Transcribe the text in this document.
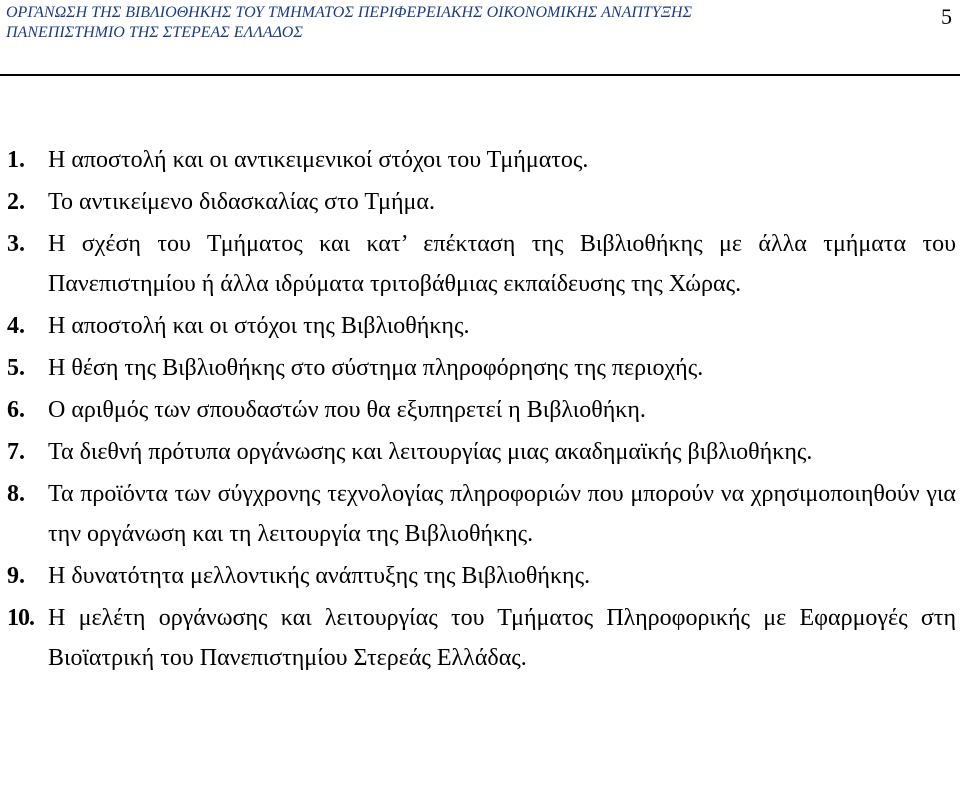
ΟΡΓΑΝΩΣΗ ΤΗΣ ΒΙΒΛΙΟΘΗΚΗΣ ΤΟΥ ΤΜΗΜΑΤΟΣ ΠΕΡΙΦΕΡΕΙΑΚΗΣ ΟΙΚΟΝΟΜΙΚΗΣ ΑΝΑΠΤΥΞΗΣ
ΠΑΝΕΠΙΣΤΗΜΙΟ ΤΗΣ ΣΤΕΡΕΑΣ ΕΛΛΑΔΟΣ
5
1. Η αποστολή και οι αντικειμενικοί στόχοι του Τμήματος.
2. Το αντικείμενο διδασκαλίας στο Τμήμα.
3. Η σχέση του Τμήματος και κατ’ επέκταση της Βιβλιοθήκης με άλλα τμήματα του Πανεπιστημίου ή άλλα ιδρύματα τριτοβάθμιας εκπαίδευσης της Χώρας.
4. Η αποστολή και οι στόχοι της Βιβλιοθήκης.
5. Η θέση της Βιβλιοθήκης στο σύστημα πληροφόρησης της περιοχής.
6. Ο αριθμός των σπουδαστών που θα εξυπηρετεί η Βιβλιοθήκη.
7. Τα διεθνή πρότυπα οργάνωσης και λειτουργίας μιας ακαδημαϊκής βιβλιοθήκης.
8. Τα προϊόντα των σύγχρονης τεχνολογίας πληροφοριών που μπορούν να χρησιμοποιηθούν για την οργάνωση και τη λειτουργία της Βιβλιοθήκης.
9. Η δυνατότητα μελλοντικής ανάπτυξης της Βιβλιοθήκης.
10. Η μελέτη οργάνωσης και λειτουργίας του Τμήματος Πληροφορικής με Εφαρμογές στη Βιοϊατρική του Πανεπιστημίου Στερεάς Ελλάδας.
